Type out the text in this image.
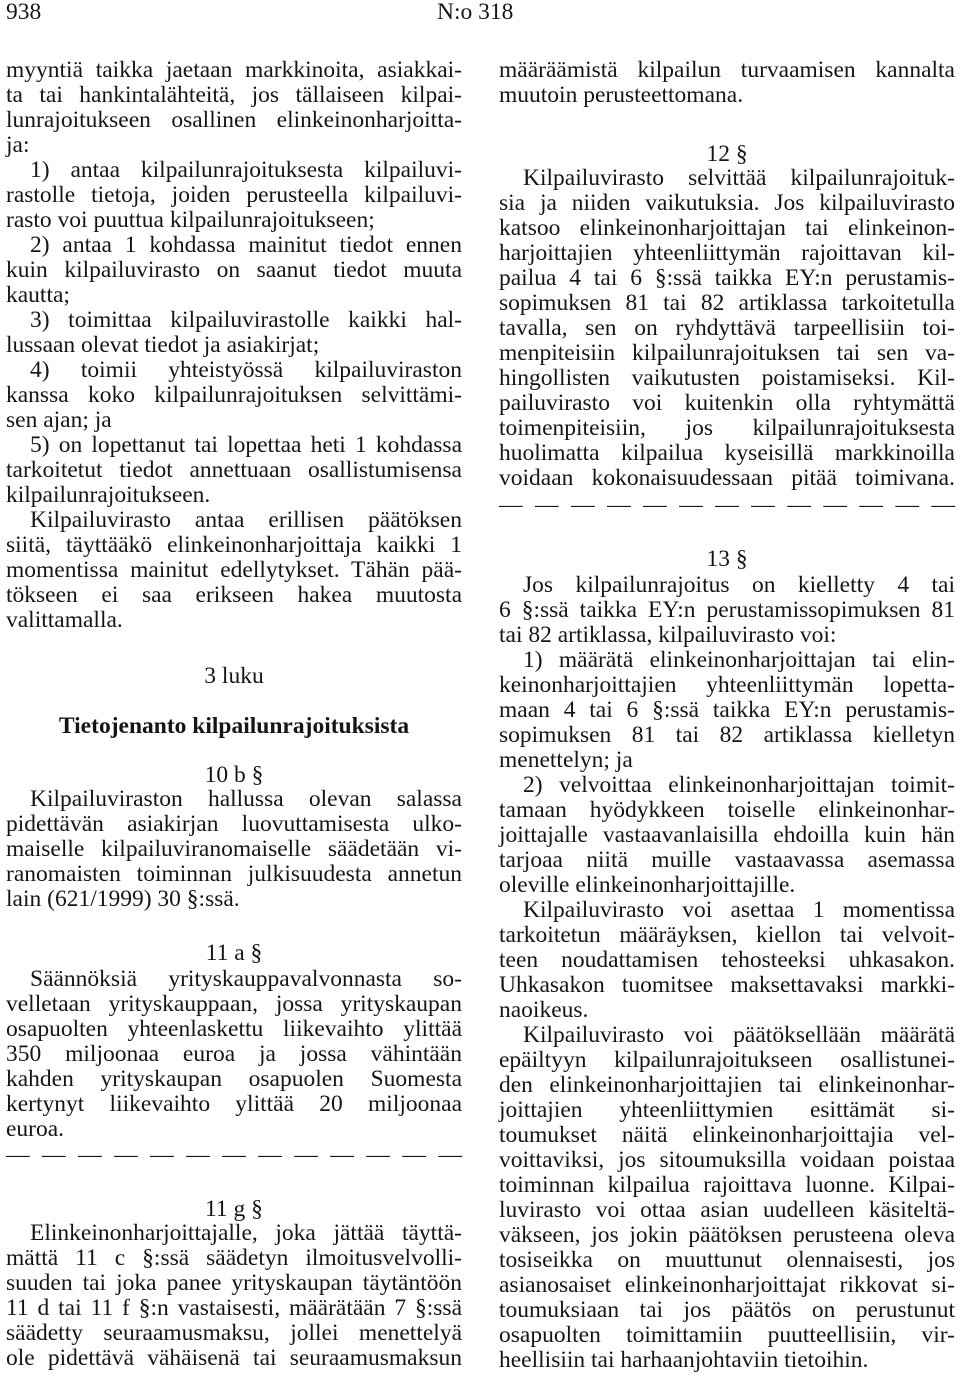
938	N:o 318
myyntiä taikka jaetaan markkinoita, asiakkai-
ta tai hankintalähteitä, jos tällaiseen kilpai-
lunrajoitukseen osallinen elinkeinonharjoitta-
ja:
1) antaa kilpailunrajoituksesta kilpailuvi-
rastolle tietoja, joiden perusteella kilpailuvi-
rasto voi puuttua kilpailunrajoitukseen;
2) antaa 1 kohdassa mainitut tiedot ennen
kuin kilpailuvirasto on saanut tiedot muuta
kautta;
3) toimittaa kilpailuvirastolle kaikki hal-
lussaan olevat tiedot ja asiakirjat;
4) toimii yhteistyössä kilpailuviraston
kanssa koko kilpailunrajoituksen selvittämi-
sen ajan; ja
5) on lopettanut tai lopettaa heti 1 kohdassa
tarkoitetut tiedot annettuaan osallistumisensa
kilpailunrajoitukseen.
Kilpailuvirasto antaa erillisen päätöksen
siitä, täyttääkö elinkeinonharjoittaja kaikki 1
momentissa mainitut edellytykset. Tähän pää-
tökseen ei saa erikseen hakea muutosta
valittamalla.
3 luku
Tietojenanto kilpailunrajoituksista
10 b §
Kilpailuviraston hallussa olevan salassa
pidettävän asiakirjan luovuttamisesta ulko-
maiselle kilpailuviranomaiselle säädetään vi-
ranomaisten toiminnan julkisuudesta annetun
lain (621/1999) 30 §:ssä.
11 a §
Säännöksiä yrityskauppavalvonnasta so-
velletaan yrityskauppaan, jossa yrityskaupan
osapuolten yhteenlaskettu liikevaihto ylittää
350 miljoonaa euroa ja jossa vähintään
kahden yrityskaupan osapuolen Suomesta
kertynyt liikevaihto ylittää 20 miljoonaa
euroa.
— — — — — — — — — — — — —
11 g §
Elinkeinonharjoittajalle, joka jättää täyttä-
mättä 11 c §:ssä säädetyn ilmoitusvelvolli-
suuden tai joka panee yrityskaupan täytäntöön
11 d tai 11 f §:n vastaisesti, määrätään 7 §:ssä
säädetty seuraamusmaksu, jollei menettelyä
ole pidettävä vähäisenä tai seuraamusmaksun
määräämistä kilpailun turvaamisen kannalta
muutoin perusteettomana.
12 §
Kilpailuvirasto selvittää kilpailunrajoituk-
sia ja niiden vaikutuksia. Jos kilpailuvirasto
katsoo elinkeinonharjoittajan tai elinkeinon-
harjoittajien yhteenliittymän rajoittavan kil-
pailua 4 tai 6 §:ssä taikka EY:n perustamis-
sopimuksen 81 tai 82 artiklassa tarkoitetulla
tavalla, sen on ryhdyttävä tarpeellisiin toi-
menpiteisiin kilpailunrajoituksen tai sen va-
hingollisten vaikutusten poistamiseksi. Kil-
pailuvirasto voi kuitenkin olla ryhtymättä
toimenpiteisiin, jos kilpailunrajoituksesta
huolimatta kilpailua kyseisillä markkinoilla
voidaan kokonaisuudessaan pitää toimivana.
— — — — — — — — — — — — —
13 §
Jos kilpailunrajoitus on kielletty 4 tai
6 §:ssä taikka EY:n perustamissopimuksen 81
tai 82 artiklassa, kilpailuvirasto voi:
1) määrätä elinkeinonharjoittajan tai elin-
keinonharjoittajien yhteenliittymän lopetta-
maan 4 tai 6 §:ssä taikka EY:n perustamis-
sopimuksen 81 tai 82 artiklassa kielletyn
menettelyn; ja
2) velvoittaa elinkeinonharjoittajan toimit-
tamaan hyödykkeen toiselle elinkeinonhar-
joittajalle vastaavanlaisilla ehdoilla kuin hän
tarjoaa niitä muille vastaavassa asemassa
oleville elinkeinonharjoittajille.
Kilpailuvirasto voi asettaa 1 momentissa
tarkoitetun määräyksen, kiellon tai velvoit-
teen noudattamisen tehosteeksi uhkasakon.
Uhkasakon tuomitsee maksettavaksi markki-
naoikeus.
Kilpailuvirasto voi päätöksellään määrätä
epäiltyyn kilpailunrajoitukseen osallistunei-
den elinkeinonharjoittajien tai elinkeinonhar-
joittajien yhteenliittymien esittämät si-
toumukset näitä elinkeinonharjoittajia vel-
voittaviksi, jos sitoumuksilla voidaan poistaa
toiminnan kilpailua rajoittava luonne. Kilpai-
luvirasto voi ottaa asian uudelleen käsiteltä-
väkseen, jos jokin päätöksen perusteena oleva
tosiseikka on muuttunut olennaisesti, jos
asianosaiset elinkeinonharjoittajat rikkovat si-
toumuksiaan tai jos päätös on perustunut
osapuolten toimittamiin puutteellisiin, vir-
heellisiin tai harhaanjohtaviin tietoihin.
